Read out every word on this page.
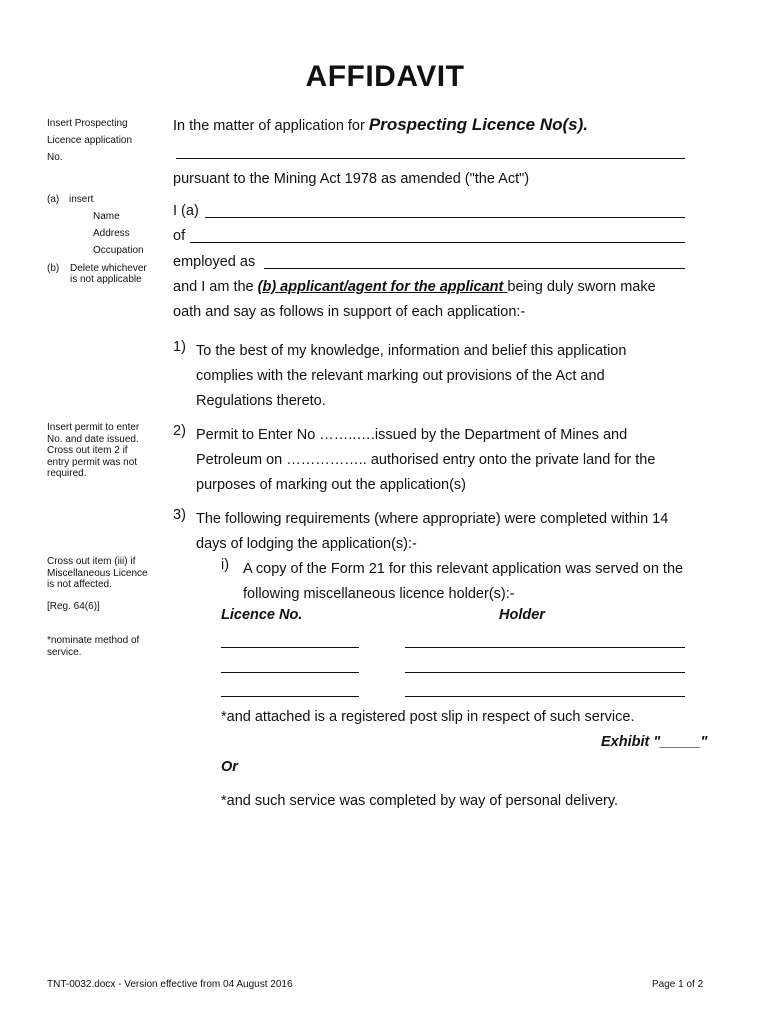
AFFIDAVIT
Insert Prospecting
Licence application
No.
(a) insert
Name
Address
Occupation
(b) Delete whichever
is not applicable
Insert permit to enter
No. and date issued.
Cross out item 2 if
entry permit was not
required.
Cross out item (iii) if
Miscellaneous Licence
is not affected.
[Reg. 64(6)]
*nominate method of
service.
In the matter of application for Prospecting Licence No(s).
pursuant to the Mining Act 1978 as amended ("the Act")
I (a)
of
employed as
and I am the (b) applicant/agent for the applicant being duly sworn make
oath and say as follows in support of each application:-
1) To the best of my knowledge, information and belief this application
complies with the relevant marking out provisions of the Act and
Regulations thereto.
2) Permit to Enter No ……..….issued by the Department of Mines and
Petroleum on …………….. authorised entry onto the private land for the
purposes of marking out the application(s)
3) The following requirements (where appropriate) were completed within 14
days of lodging the application(s):-
i) A copy of the Form 21 for this relevant application was served on the
following miscellaneous licence holder(s):-
Licence No.	Holder
*and attached is a registered post slip in respect of such service.
Exhibit "_____"
Or
*and such service was completed by way of personal delivery.
TNT-0032.docx - Version effective from 04 August 2016	Page 1 of 2
